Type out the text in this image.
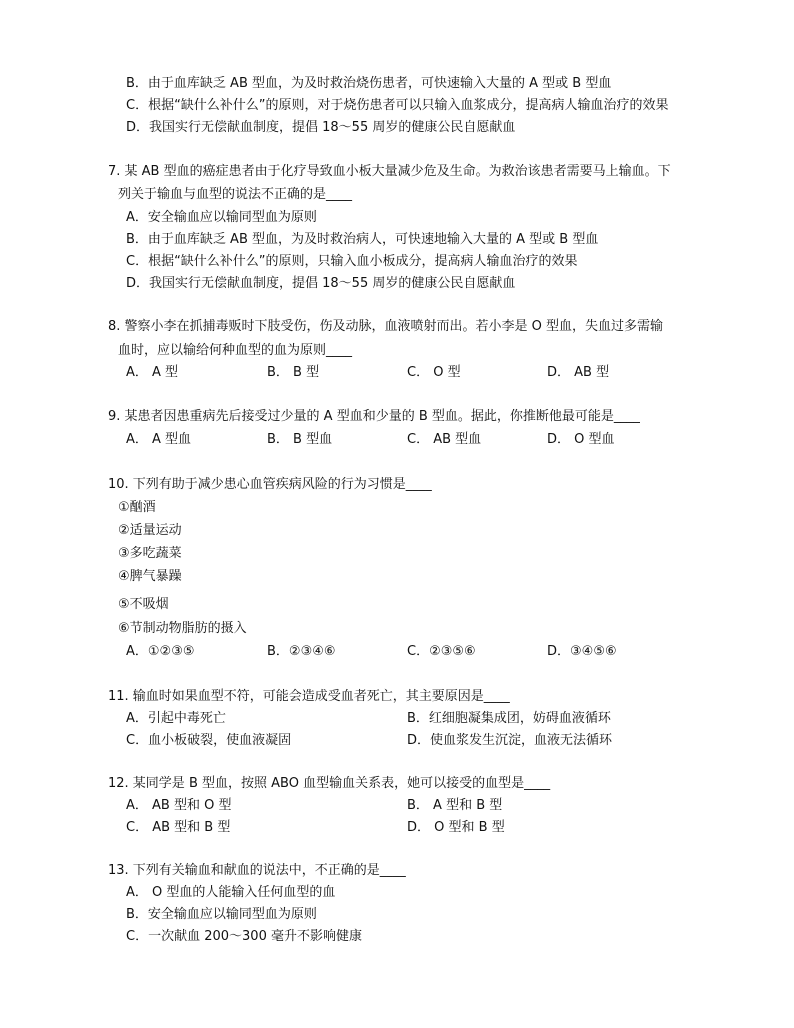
B．由于血库缺乏 AB 型血，为及时救治烧伤患者，可快速输入大量的 A 型或 B 型血
C．根据“缺什么补什么”的原则，对于烧伤患者可以只输入血浆成分，提高病人输血治疗的效果
D．我国实行无偿献血制度，提倡 18～55 周岁的健康公民自愿献血
7. 某 AB 型血的癌症患者由于化疗导致血小板大量减少危及生命。为救治该患者需要马上输血。下
列关于输血与血型的说法不正确的是____
A．安全输血应以输同型血为原则
B．由于血库缺乏 AB 型血，为及时救治病人，可快速地输入大量的 A 型或 B 型血
C．根据“缺什么补什么”的原则，只输入血小板成分，提高病人输血治疗的效果
D．我国实行无偿献血制度，提倡 18～55 周岁的健康公民自愿献血
8. 警察小李在抓捕毒贩时下肢受伤，伤及动脉，血液喷射而出。若小李是 O 型血，失血过多需输
血时，应以输给何种血型的血为原则____
A． A 型	B． B 型	C． O 型	D． AB 型
9. 某患者因患重病先后接受过少量的 A 型血和少量的 B 型血。据此，你推断他最可能是____
A． A 型血	B． B 型血	C． AB 型血	D． O 型血
10. 下列有助于减少患心血管疾病风险的行为习惯是____
①酗酒
②适量运动
③多吃蔬菜
④脾气暴躁
⑤不吸烟
⑥节制动物脂肪的摄入
A．①②③⑤	B．②③④⑥	C．②③⑤⑥	D．③④⑤⑥
11. 输血时如果血型不符，可能会造成受血者死亡，其主要原因是____
A．引起中毒死亡	B．红细胞凝集成团，妨碍血液循环
C．血小板破裂，使血液凝固	D．使血浆发生沉淀，血液无法循环
12. 某同学是 B 型血，按照 ABO 血型输血关系表，她可以接受的血型是____
A． AB 型和 O 型	B． A 型和 B 型
C． AB 型和 B 型	D． O 型和 B 型
13. 下列有关输血和献血的说法中，不正确的是____
A． O 型血的人能输入任何血型的血
B．安全输血应以输同型血为原则
C．一次献血 200～300 毫升不影响健康
